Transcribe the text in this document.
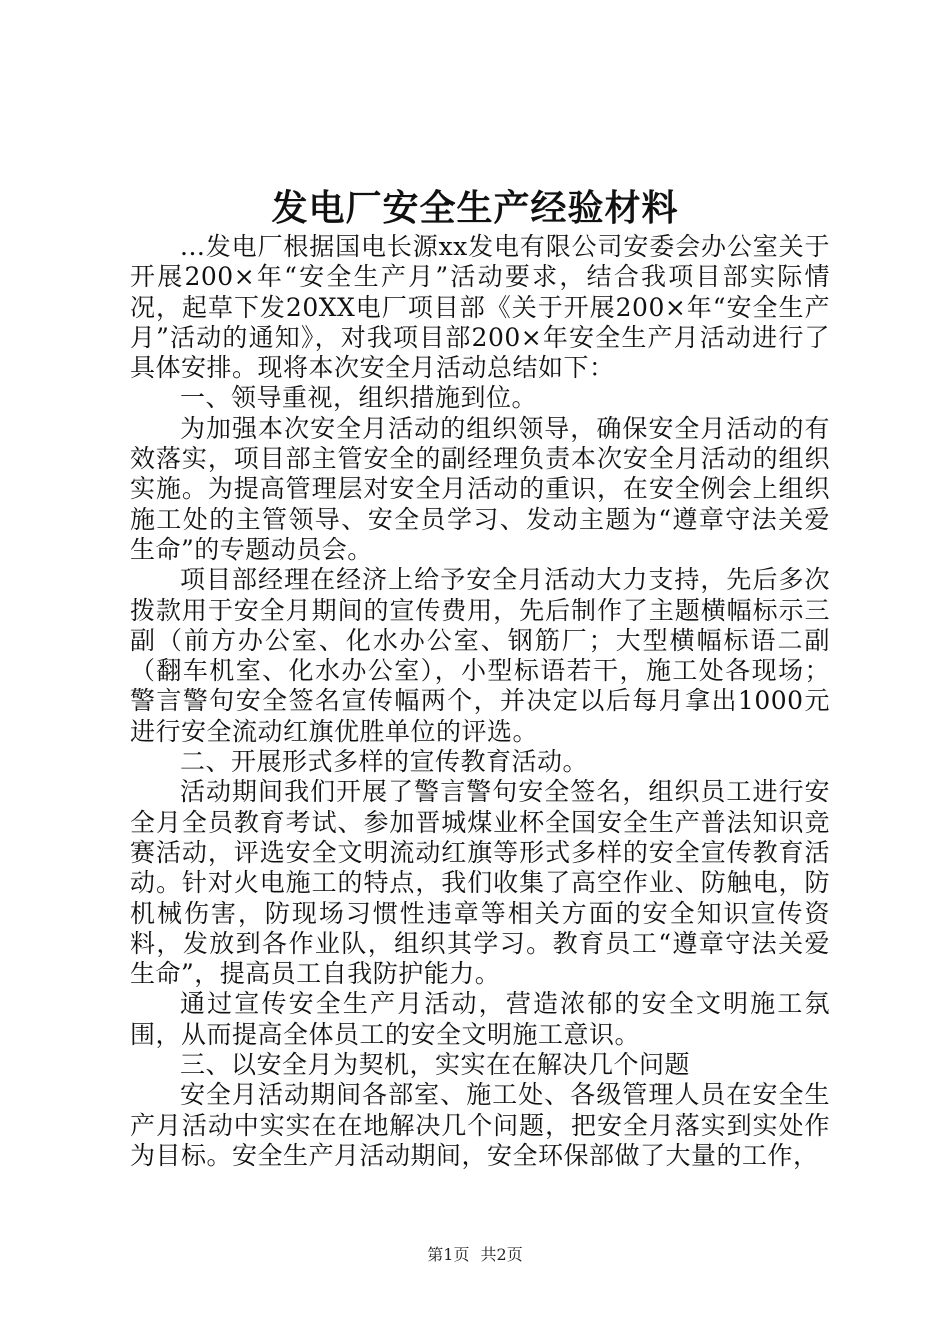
发电厂安全生产经验材料

...发电厂根据国电长源xx发电有限公司安委会办公室关于开展200×年“安全生产月”活动要求，结合我项目部实际情况，起草下发20XX电厂项目部《关于开展200×年“安全生产月”活动的通知》，对我项目部200×年安全生产月活动进行了具体安排。现将本次安全月活动总结如下：

一、领导重视，组织措施到位。

为加强本次安全月活动的组织领导，确保安全月活动的有效落实，项目部主管安全的副经理负责本次安全月活动的组织实施。为提高管理层对安全月活动的重识，在安全例会上组织施工处的主管领导、安全员学习、发动主题为“遵章守法关爱生命”的专题动员会。

项目部经理在经济上给予安全月活动大力支持，先后多次拨款用于安全月期间的宣传费用，先后制作了主题横幅标示三副（前方办公室、化水办公室、钢筋厂；大型横幅标语二副（翻车机室、化水办公室），小型标语若干，施工处各现场；警言警句安全签名宣传幅两个，并决定以后每月拿出1000元进行安全流动红旗优胜单位的评选。

二、开展形式多样的宣传教育活动。

活动期间我们开展了警言警句安全签名，组织员工进行安全月全员教育考试、参加晋城煤业杯全国安全生产普法知识竞赛活动，评选安全文明流动红旗等形式多样的安全宣传教育活动。针对火电施工的特点，我们收集了高空作业、防触电，防机械伤害，防现场习惯性违章等相关方面的安全知识宣传资料，发放到各作业队，组织其学习。教育员工“遵章守法关爱生命”，提高员工自我防护能力。

通过宣传安全生产月活动，营造浓郁的安全文明施工氛围，从而提高全体员工的安全文明施工意识。

三、以安全月为契机，实实在在解决几个问题

安全月活动期间各部室、施工处、各级管理人员在安全生产月活动中实实在在地解决几个问题，把安全月落实到实处作为目标。安全生产月活动期间，安全环保部做了大量的工作，

第1页 共2页
